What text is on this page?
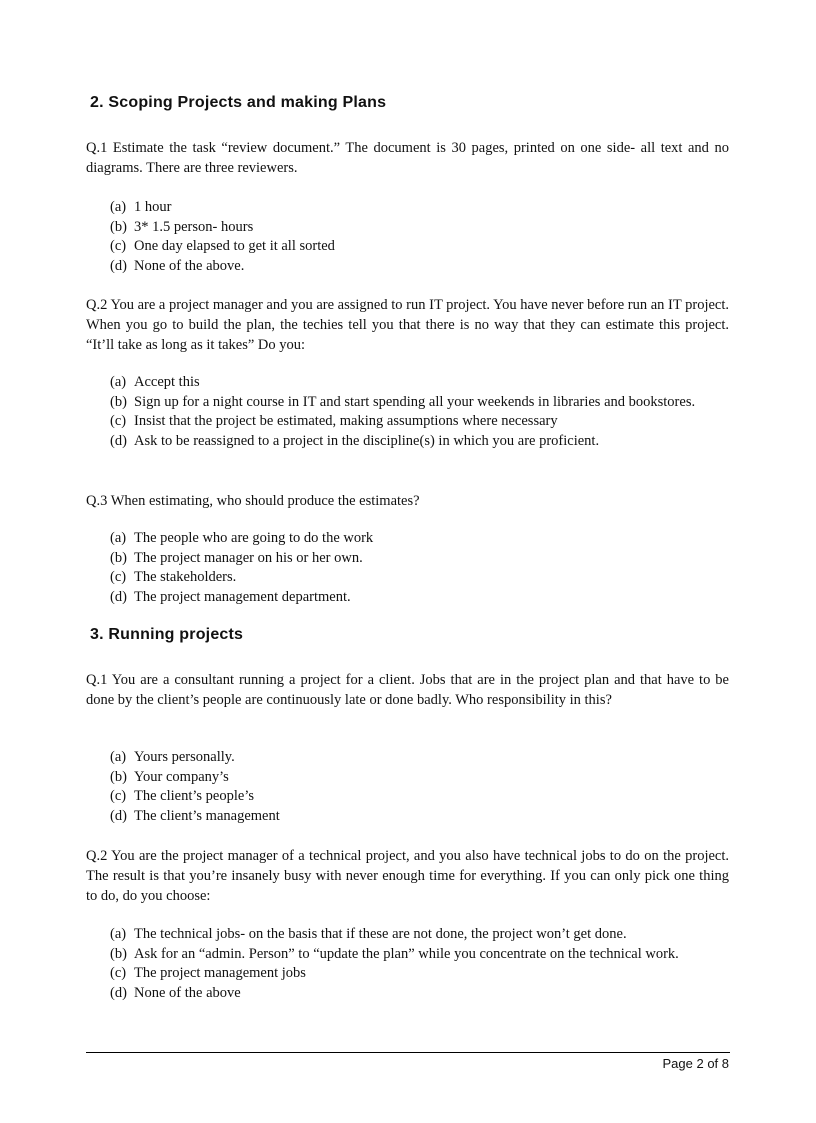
2. Scoping Projects and making Plans
Q.1 Estimate the task “review document.” The document is 30 pages, printed on one side- all text and no diagrams. There are three reviewers.
(a) 1 hour
(b) 3* 1.5 person- hours
(c) One day elapsed to get it all sorted
(d) None of the above.
Q.2 You are a project manager and you are assigned to run IT project. You have never before run an IT project. When you go to build the plan, the techies tell you that there is no way that they can estimate this project. “It’ll take as long as it takes” Do you:
(a) Accept this
(b) Sign up for a night course in IT and start spending all your weekends in libraries and bookstores.
(c) Insist that the project be estimated, making assumptions where necessary
(d) Ask to be reassigned to a project in the discipline(s) in which you are proficient.
Q.3 When estimating, who should produce the estimates?
(a) The people who are going to do the work
(b) The project manager on his or her own.
(c) The stakeholders.
(d) The project management department.
3. Running projects
Q.1 You are a consultant running a project for a client. Jobs that are in the project plan and that have to be done by the client’s people are continuously late or done badly. Who responsibility in this?
(a) Yours personally.
(b) Your company’s
(c) The client’s people’s
(d) The client’s management
Q.2 You are the project manager of a technical project, and you also have technical jobs to do on the project. The result is that you’re insanely busy with never enough time for everything. If you can only pick one thing to do, do you choose:
(a) The technical jobs- on the basis that if these are not done, the project won’t get done.
(b) Ask for an “admin. Person” to “update the plan” while you concentrate on the technical work.
(c) The project management jobs
(d) None of the above
Page 2 of 8
